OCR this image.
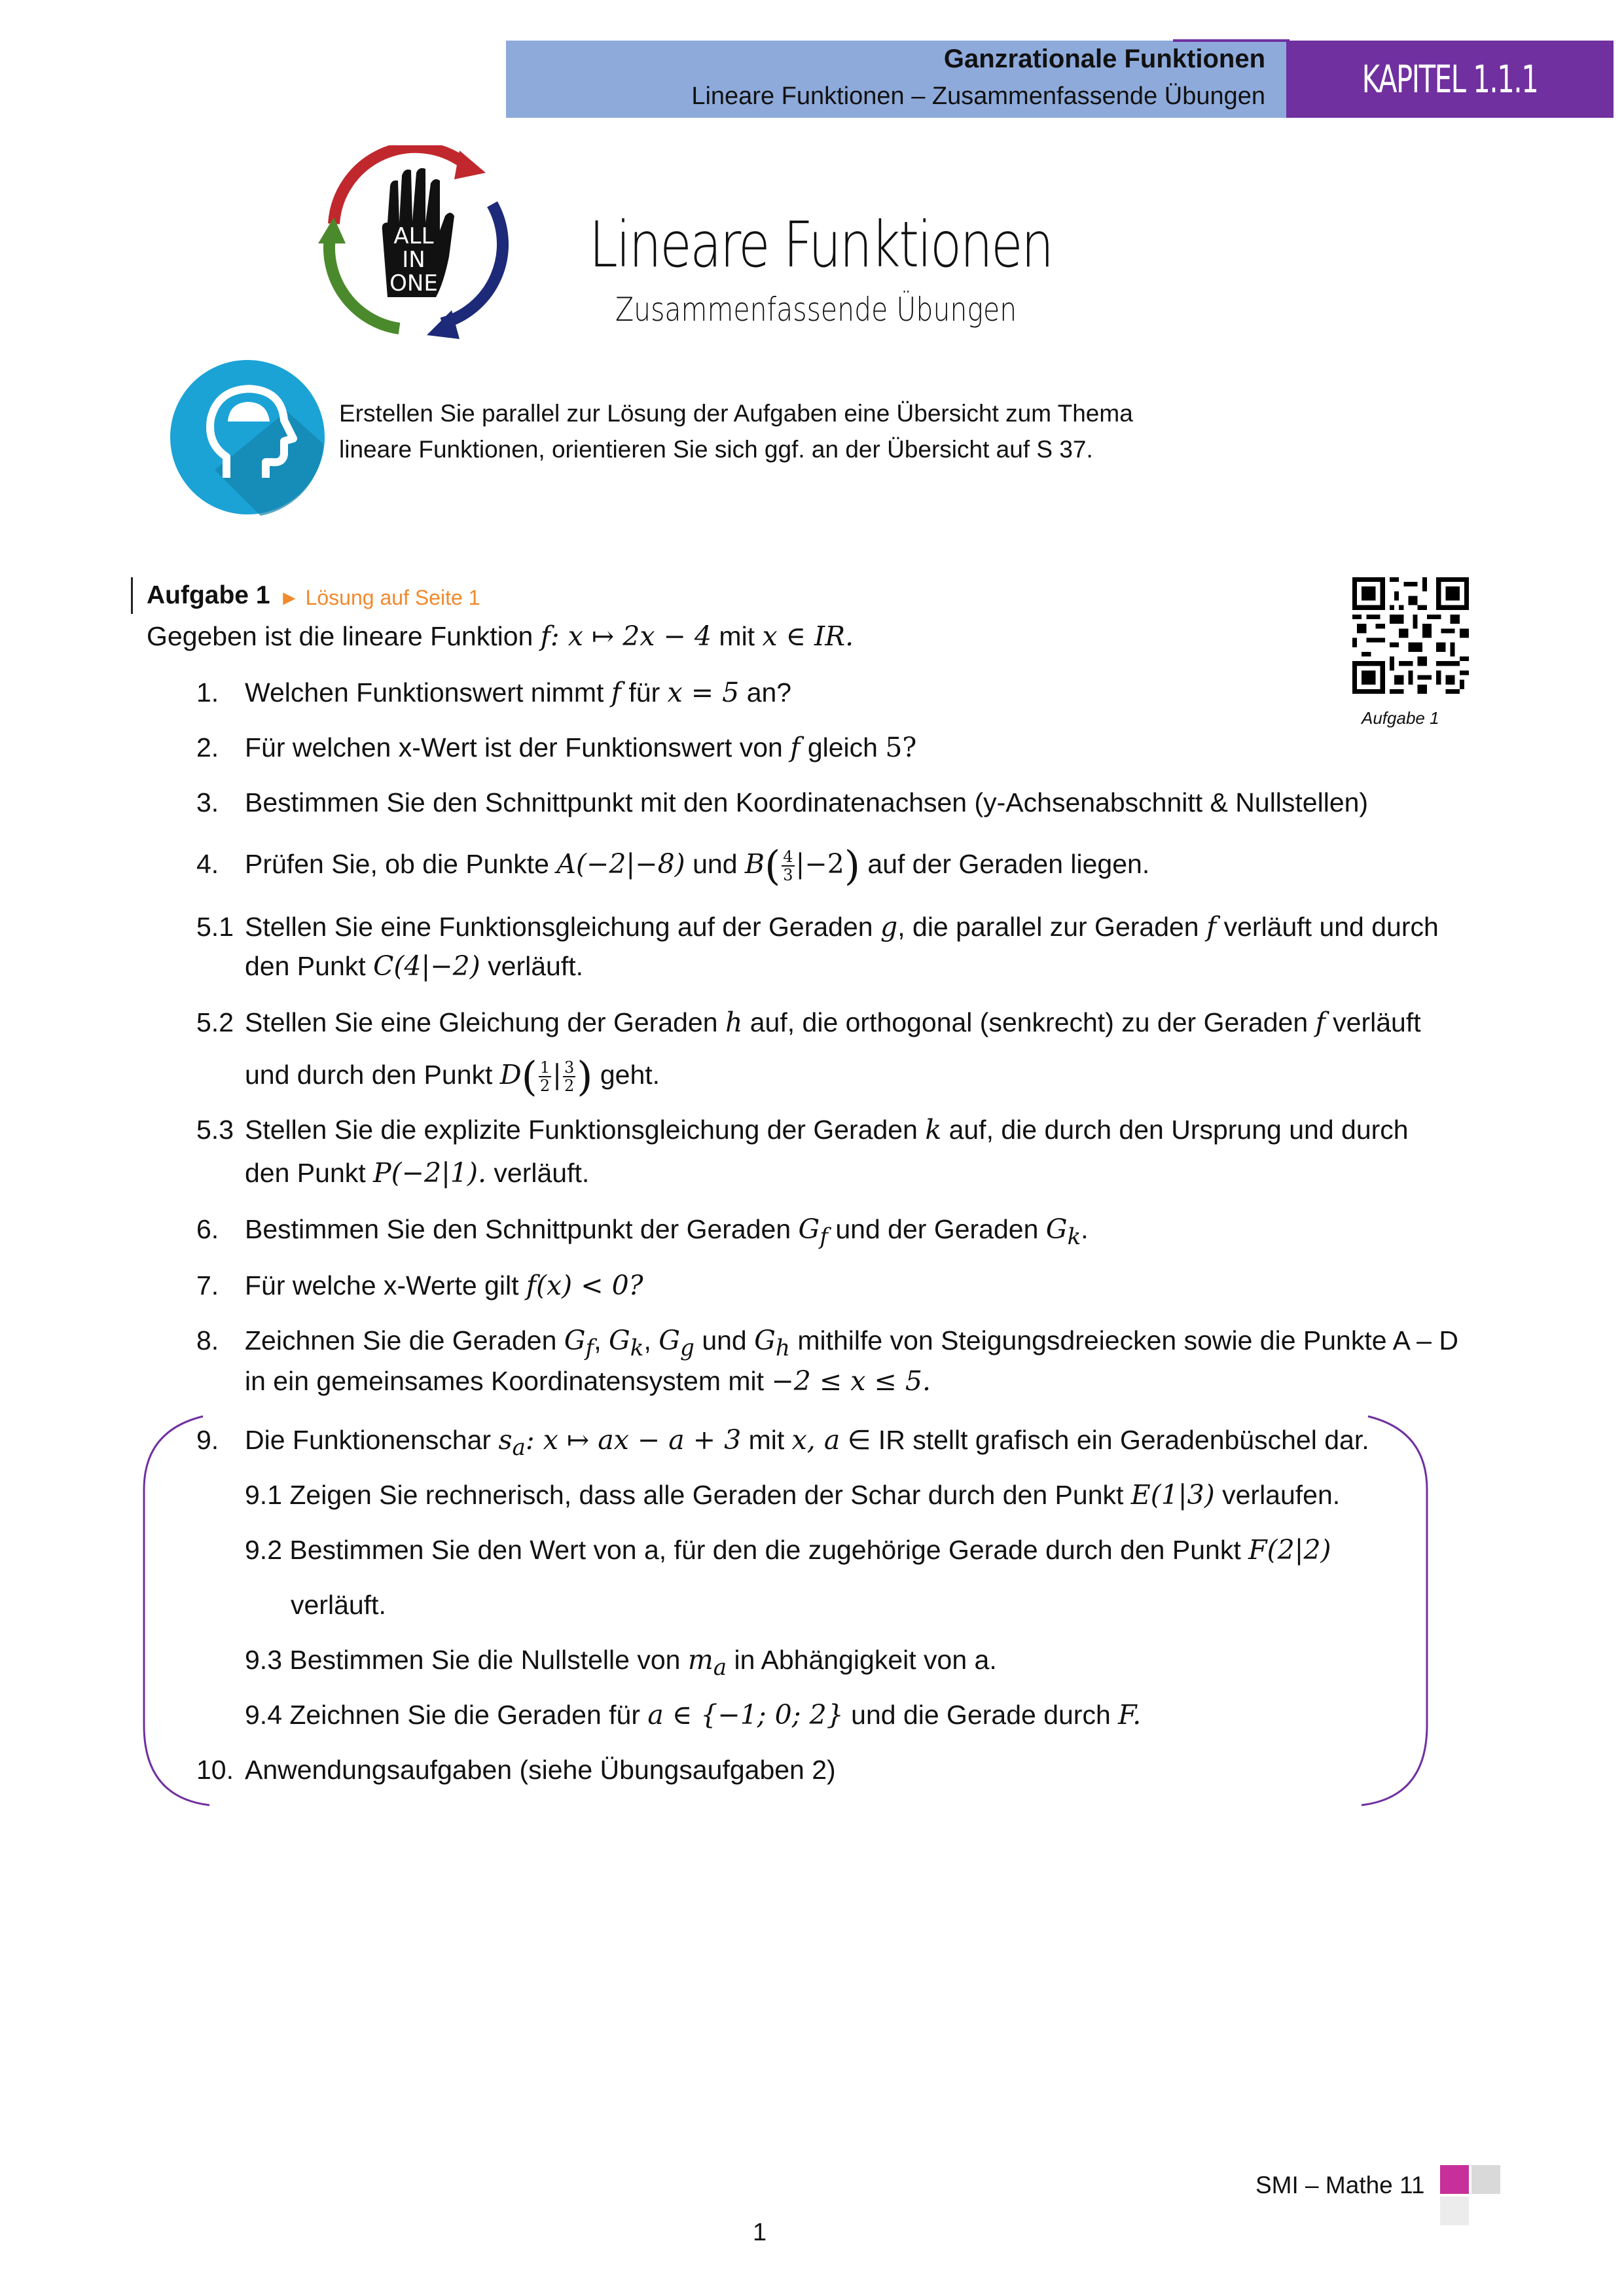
Ganzrationale Funktionen
Lineare Funktionen – Zusammenfassende Übungen	KAPITEL 1.1.1
ALL
IN
ONE
Lineare Funktionen
Zusammenfassende Übungen
Erstellen Sie parallel zur Lösung der Aufgaben eine Übersicht zum Thema
lineare Funktionen, orientieren Sie sich ggf. an der Übersicht auf S 37.
Aufgabe 1 ► Lösung auf Seite 1
Aufgabe 1
Gegeben ist die lineare Funktion f: x ↦ 2x − 4 mit x ∈ IR.
1. Welchen Funktionswert nimmt f für x = 5 an?
2. Für welchen x-Wert ist der Funktionswert von f gleich 5?
3. Bestimmen Sie den Schnittpunkt mit den Koordinatenachsen (y-Achsenabschnitt & Nullstellen)
4. Prüfen Sie, ob die Punkte A(−2|−8) und $B( \frac{4}{3} |-2)$ auf der Geraden liegen.
5.1 Stellen Sie eine Funktionsgleichung auf der Geraden g, die parallel zur Geraden f verläuft und durch
den Punkt C(4|−2) verläuft.
5.2 Stellen Sie eine Gleichung der Geraden h auf, die orthogonal (senkrecht) zu der Geraden f verläuft
und durch den Punkt $D( \frac{1}{2}$ | $\frac{3}{2}$ ) geht.
5.3 Stellen Sie die explizite Funktionsgleichung der Geraden k auf, die durch den Ursprung und durch
den Punkt P(−2|1). verläuft.
6. Bestimmen Sie den Schnittpunkt der Geraden $G_f$ und der Geraden $G_k$.
7. Für welche x-Werte gilt f(x) < 0?
8. Zeichnen Sie die Geraden $G_f$, $G_k$, $G_g$ und $G_h$ mithilfe von Steigungsdreiecken sowie die Punkte A – D
in ein gemeinsames Koordinatensystem mit −2 ≤ x ≤ 5.
9. Die Funktionenschar $s_a$: x ↦ ax − a + 3 mit x, a ∈ IR stellt grafisch ein Geradenbüschel dar.
9.1 Zeigen Sie rechnerisch, dass alle Geraden der Schar durch den Punkt E(1|3) verlaufen.
9.2 Bestimmen Sie den Wert von a, für den die zugehörige Gerade durch den Punkt F(2|2)
verläuft.
9.3 Bestimmen Sie die Nullstelle von $m_a$ in Abhängigkeit von a.
9.4 Zeichnen Sie die Geraden für a ∈ {−1; 0; 2} und die Gerade durch F.
10. Anwendungsaufgaben (siehe Übungsaufgaben 2)
SMI – Mathe 11
1
